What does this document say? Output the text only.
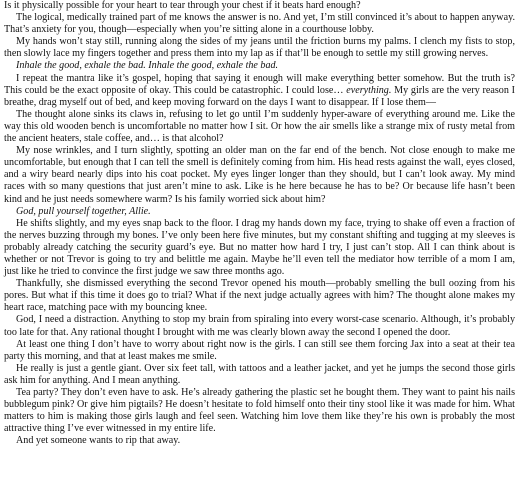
Is it physically possible for your heart to tear through your chest if it beats hard enough?

The logical, medically trained part of me knows the answer is no. And yet, I’m still convinced it’s about to happen anyway. That’s anxiety for you, though—especially when you’re sitting alone in a courthouse lobby.

My hands won’t stay still, running along the sides of my jeans until the friction burns my palms. I clench my fists to stop, then slowly lace my fingers together and press them into my lap as if that’ll be enough to settle my still growing nerves.

Inhale the good, exhale the bad. Inhale the good, exhale the bad.

I repeat the mantra like it’s gospel, hoping that saying it enough will make everything better somehow. But the truth is? This could be the exact opposite of okay. This could be catastrophic. I could lose… everything. My girls are the very reason I breathe, drag myself out of bed, and keep moving forward on the days I want to disappear. If I lose them—

The thought alone sinks its claws in, refusing to let go until I’m suddenly hyper-aware of everything around me. Like the way this old wooden bench is uncomfortable no matter how I sit. Or how the air smells like a strange mix of rusty metal from the ancient heaters, stale coffee, and… is that alcohol?

My nose wrinkles, and I turn slightly, spotting an older man on the far end of the bench. Not close enough to make me uncomfortable, but enough that I can tell the smell is definitely coming from him. His head rests against the wall, eyes closed, and a wiry beard nearly dips into his coat pocket. My eyes linger longer than they should, but I can’t look away. My mind races with so many questions that just aren’t mine to ask. Like is he here because he has to be? Or because life hasn’t been kind and he just needs somewhere warm? Is his family worried sick about him?

God, pull yourself together, Allie.

He shifts slightly, and my eyes snap back to the floor. I drag my hands down my face, trying to shake off even a fraction of the nerves buzzing through my bones. I’ve only been here five minutes, but my constant shifting and tugging at my sleeves is probably already catching the security guard’s eye. But no matter how hard I try, I just can’t stop. All I can think about is whether or not Trevor is going to try and belittle me again. Maybe he’ll even tell the mediator how terrible of a mom I am, just like he tried to convince the first judge we saw three months ago.

Thankfully, she dismissed everything the second Trevor opened his mouth—probably smelling the bull oozing from his pores. But what if this time it does go to trial? What if the next judge actually agrees with him? The thought alone makes my heart race, matching pace with my bouncing knee.

God, I need a distraction. Anything to stop my brain from spiraling into every worst-case scenario. Although, it’s probably too late for that. Any rational thought I brought with me was clearly blown away the second I opened the door.

At least one thing I don’t have to worry about right now is the girls. I can still see them forcing Jax into a seat at their tea party this morning, and that at least makes me smile.

He really is just a gentle giant. Over six feet tall, with tattoos and a leather jacket, and yet he jumps the second those girls ask him for anything. And I mean anything.

Tea party? They don’t even have to ask. He’s already gathering the plastic set he bought them. They want to paint his nails bubblegum pink? Or give him pigtails? He doesn’t hesitate to fold himself onto their tiny stool like it was made for him. What matters to him is making those girls laugh and feel seen. Watching him love them like they’re his own is probably the most attractive thing I’ve ever witnessed in my entire life.

And yet someone wants to rip that away.
